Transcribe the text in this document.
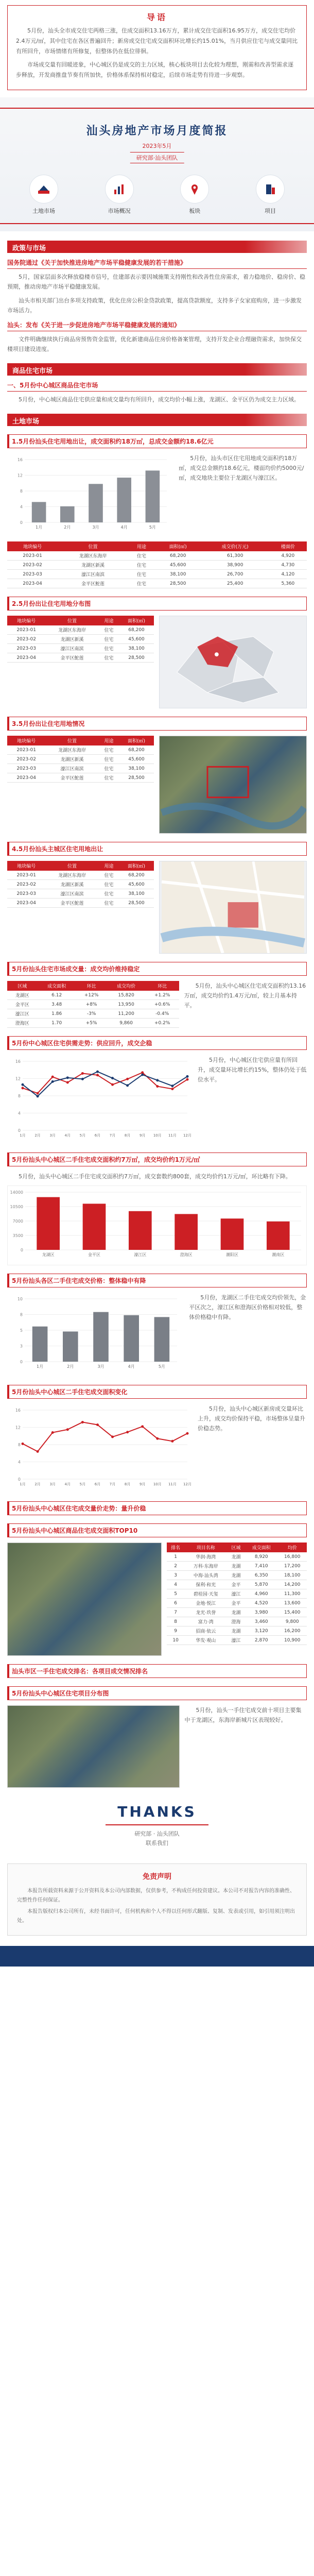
导语

5月份，汕头全市成交住宅两格三涨，住成交面积13.16万方，累计成交住宅面积16.95万方，成交住宅均价2.4万元/㎡，其中住宅在各区普遍回升；新房成交住宅成交面积环比增长约15.01%，当月供应住宅与成交量同比有所回升，市场情绪有所修复，但整体仍在低位徘徊。

市场成交量有回暖迹象，中心城区仍是成交的主力区域，核心板块项目去化较为理想，刚需和改善型需求逐步释放，开发商推盘节奏有所加快，价格体系保持相对稳定，后续市场走势有待进一步观察。

汕头房地产市场月度简报
2023年5月
研究部·汕头团队
土地市场	市场概况	板块	项目
政策与市场
国务院通过《关于加快推进房地产市场平稳健康发展的若干措施》
5月，国家层面多次释放稳楼市信号，住建部表示要因城施策支持刚性和改善性住房需求，着力稳地价、稳房价、稳预期，推动房地产市场平稳健康发展。
汕头市相关部门出台多项支持政策，优化住房公积金贷款政策，提高贷款额度，支持多子女家庭购房，进一步激发市场活力。
汕头：发布《关于进一步促进房地产市场平稳健康发展的通知》
文件明确继续执行商品房预售资金监管，优化新建商品住房价格备案管理，支持开发企业合理融资需求，加快保交楼项目建设进度。
商品住宅市场
一、5月份中心城区商品住宅市场
5月份，中心城区商品住宅供应量和成交量均有所回升，成交均价小幅上涨，龙湖区、金平区仍为成交主力区域。
土地市场
1.5月份汕头住宅用地出让，成交面积约18万㎡，总成交金额约18.6亿元
0
4
8
12
16
1月	2月	3月	4月	5月
5月份，汕头市区住宅用地成交面积约18万㎡，成交总金额约18.6亿元，楼面均价约5000元/㎡，成交地块主要位于龙湖区与濠江区。
地块编号	位置	用途	面积(㎡)	成交价(万元)	楼面价
2023-01	龙湖区东海岸	住宅	68,200	61,300	4,920
2023-02	龙湖区新溪	住宅	45,600	38,900	4,730
2023-03	濠江区南滨	住宅	38,100	26,700	4,120
2023-04	金平区鮀莲	住宅	28,500	25,400	5,360
2.5月份出让住宅用地分布图
地块编号	位置	用途	面积(㎡)
2023-01	龙湖区东海岸	住宅	68,200
2023-02	龙湖区新溪	住宅	45,600
2023-03	濠江区南滨	住宅	38,100
2023-04	金平区鮀莲	住宅	28,500
3.5月份出让住宅用地情况
地块编号	位置	用途	面积(㎡)
2023-01	龙湖区东海岸	住宅	68,200
2023-02	龙湖区新溪	住宅	45,600
2023-03	濠江区南滨	住宅	38,100
2023-04	金平区鮀莲	住宅	28,500
4.5月份汕头主城区住宅用地出让
地块编号	位置	用途	面积(㎡)
2023-01	龙湖区东海岸	住宅	68,200
2023-02	龙湖区新溪	住宅	45,600
2023-03	濠江区南滨	住宅	38,100
2023-04	金平区鮀莲	住宅	28,500
5月份汕头住宅市场成交量：成交均价维持稳定
区域	成交面积	环比	成交均价	环比
龙湖区	6.12	+12%	15,820	+1.2%
金平区	3.48	+8%	13,950	+0.6%
濠江区	1.86	-3%	11,200	-0.4%
澄海区	1.70	+5%	9,860	+0.2%
5月份，汕头中心城区住宅成交面积约13.16万㎡，成交均价约1.4万元/㎡，较上月基本持平。
5月份中心城区住宅供需走势：供应回升，成交企稳
0
4
8
12
16
1月	2月	3月	4月	5月	6月	7月	8月	9月 10月 11月 12月
5月份，中心城区住宅供应量有所回升，成交量环比增长约15%，整体仍处于低位水平。
5月份汕头中心城区二手住宅成交面积约7万㎡，成交均价约1万元/㎡
5月份，汕头中心城区二手住宅成交面积约7万㎡，成交套数约800套，成交均价约1万元/㎡，环比略有下降。
0
3500
7000
10500
14000
龙湖区	金平区	濠江区	澄海区	潮阳区	潮南区
5月份汕头各区二手住宅成交价格：整体稳中有降
0
3
5
8
10
1月	2月	3月	4月	5月
5月份，龙湖区二手住宅成交均价领先，金平区次之，濠江区和澄海区价格相对较低，整体价格稳中有降。
5月份汕头中心城区二手住宅成交面积变化
0
4
8
12
16
1月	2月	3月	4月	5月	6月	7月	8月	9月 10月 11月 12月
5月份，汕头中心城区新房成交量环比上升，成交均价保持平稳，市场整体呈量升价稳态势。
5月份汕头中心城区住宅成交量价走势：量升价稳
5月份汕头中心城区商品住宅成交面积TOP10
排名	项目名称	区域	成交面积	均价
1	华润·海湾	龙湖	8,920	16,800
2	万科·东海岸	龙湖	7,410	17,200
3	中海·汕头湾	龙湖	6,350	18,100
4	保利·和光	金平	5,870	14,200
5	碧桂园·天玺	濠江	4,960	11,300
6	金地·悦江	金平	4,520	13,600
7	龙光·玖誉	龙湖	3,980	15,400
8	富力·湾	澄海	3,460	9,800
9	招商·依云	龙湖	3,120	16,200
10	华发·观山	濠江	2,870	10,900
汕头市区一手住宅成交排名：各项目成交情况排名
5月份汕头中心城区住宅项目分布图
5月份，汕头一手住宅成交前十项目主要集中于龙湖区，东海岸新城片区表现较好。
THANKS
研究部 · 汕头团队
联系我们
免责声明

本报告所载资料来源于公开资料及本公司内部数据，仅供参考，不构成任何投资建议。本公司不对报告内容的准确性、完整性作任何保证。

本报告版权归本公司所有，未经书面许可，任何机构和个人不得以任何形式翻版、复制、发表或引用，如引用须注明出处。
